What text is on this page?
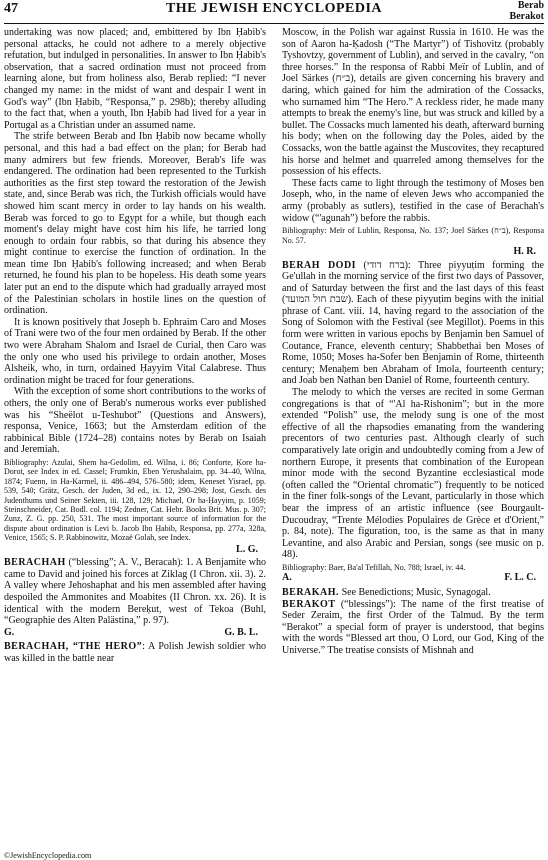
47	THE JEWISH ENCYCLOPEDIA	Berab
Berakot

undertaking was now placed; and, embittered by Ibn Ḥabib's personal attacks, he could not adhere to a merely objective refutation, but indulged in personalities. In answer to Ibn Ḥabib's observation, that a sacred ordination must not proceed from learning alone, but from holiness also, Berab replied: “I never changed my name: in the midst of want and despair I went in God's way” (Ibn Ḥabib, “Responsa,” p. 298b); thereby alluding to the fact that, when a youth, Ibn Ḥabib had lived for a year in Portugal as a Christian under an assumed name.

The strife between Berab and Ibn Ḥabib now became wholly personal, and this had a bad effect on the plan; for Berab had many admirers but few friends. Moreover, Berab's life was endangered. The ordination had been represented to the Turkish authorities as the first step toward the restoration of the Jewish state, and, since Berab was rich, the Turkish officials would have showed him scant mercy in order to lay hands on his wealth. Berab was forced to go to Egypt for a while, but though each moment's delay might have cost him his life, he tarried long enough to ordain four rabbis, so that during his absence they might continue to exercise the function of ordination. In the mean time Ibn Ḥabib's following increased; and when Berab returned, he found his plan to be hopeless. His death some years later put an end to the dispute which had gradually arrayed most of the Palestinian scholars in hostile lines on the question of ordination.

It is known positively that Joseph b. Ephraim Caro and Moses of Trani were two of the four men ordained by Berab. If the other two were Abraham Shalom and Israel de Curial, then Caro was the only one who used his privilege to ordain another, Moses Alsheik, who, in turn, ordained Ḥayyim Vital Calabrese. Thus ordination might be traced for four generations.

With the exception of some short contributions to the works of others, the only one of Berab's numerous works ever published was his “Sheëlot u-Teshubot” (Questions and Answers), responsa, Venice, 1663; but the Amsterdam edition of the rabbinical Bible (1724–28) contains notes by Berab on Isaiah and Jeremiah.

Bibliography: Azulai, Shem ha-Gedolim, ed. Wilna, i. 86; Conforte, Ḳore ha-Dorot, see Index in ed. Cassel; Frumkin, Eben Yerushalaim, pp. 34–40, Wilna, 1874; Fuenn, in Ha-Karmel, ii. 486–494, 576–580; idem, Keneset Yisrael, pp. 539, 540; Grätz, Gesch. der Juden, 3d ed., ix. 12, 290–298; Jost, Gesch. des Judenthums und Seiner Sekten, iii. 128, 129; Michael, Or ha-Ḥayyim, p. 1059; Steinschneider, Cat. Bodl. col. 1194; Zedner, Cat. Hebr. Books Brit. Mus. p. 307; Zunz, Z. G. pp. 250, 531. The most important source of information for the dispute about ordination is Levi b. Jacob Ibn Ḥabib, Responsa, pp. 277a, 328a, Venice, 1565; S. P. Rabbinowitz, Mozaë Golah, see Index.

L. G.

BERACHAH (“blessing”; A. V., Beracah): 1. A Benjamite who came to David and joined his forces at Ziklag (I Chron. xii. 3). 2. A valley where Jehoshaphat and his men assembled after having despoiled the Ammonites and Moabites (II Chron. xx. 26). It is identical with the modern Bereḳut, west of Tekoa (Buhl, “Geographie des Alten Palästina,” p. 97).

G.	G. B. L.

BERACHAH, “THE HERO”: A Polish Jewish soldier who was killed in the battle near

Moscow, in the Polish war against Russia in 1610. He was the son of Aaron ha-Ḳadosh (“The Martyr”) of Tishovitz (probably Tyshovtzy, government of Lublin), and served in the cavalry, “on three horses.” In the responsa of Rabbi Meïr of Lublin, and of Joel Särkes (ב״ח), details are given concerning his bravery and daring, which gained for him the admiration of the Cossacks, who surnamed him “The Hero.” A reckless rider, he made many attempts to break the enemy's line, but was struck and killed by a bullet. The Cossacks much lamented his death, afterward burning his body; when on the following day the Poles, aided by the Cossacks, won the battle against the Muscovites, they recaptured his horse and helmet and quarreled among themselves for the possession of his effects.

These facts came to light through the testimony of Moses ben Joseph, who, in the name of eleven Jews who accompanied the army (probably as sutlers), testified in the case of Berachah's widow (“'agunah”) before the rabbis.

Bibliography: Meïr of Lublin, Responsa, No. 137; Joel Särkes (ב״ח), Responsa No. 57.

H. R.

BERAH DODI (ברח דודי): Three piyyuṭim forming the Ge'ullah in the morning service of the first two days of Passover, and of Saturday between the first and the last days of this feast (שבת חול המועד). Each of these piyyuṭim begins with the initial phrase of Cant. viii. 14, having regard to the association of the Song of Solomon with the Festival (see Megillot). Poems in this form were written in various epochs by Benjamin ben Samuel of Coutance, France, eleventh century; Shabbethai ben Moses of Rome, 1050; Moses ha-Sofer ben Benjamin of Rome, thirteenth century; Menaḥem ben Abraham of Imola, fourteenth century; and Joab ben Nathan ben Daniel of Rome, fourteenth century.

The melody to which the verses are recited in some German congregations is that of “'Al ha-Rishonim”; but in the more extended “Polish” use, the melody sung is one of the most effective of all the rhapsodies emanating from the wandering precentors of two centuries past. Although clearly of such comparatively late origin and undoubtedly coming from a Jew of northern Europe, it presents that combination of the European minor mode with the second Byzantine ecclesiastical mode (often called the “Oriental chromatic”) frequently to be noticed in the finer folk-songs of the Levant, particularly in those which bear the impress of an artistic influence (see Bourgault-Ducoudray, “Trente Mélodies Populaires de Grèce et d'Orient,” p. 84, note). The figuration, too, is the same as that in many Levantine, and also Arabic and Persian, songs (see music on p. 48).

Bibliography: Baer, Ba'al Tefillah, No. 788; Israel, iv. 44.

A.	F. L. C.

BERAKAH. See Benedictions; Music, Synagogal.

BERAKOT (“blessings”): The name of the first treatise of Seder Zeraim, the first Order of the Talmud. By the term “Berakot” a special form of prayer is understood, that begins with the words “Blessed art thou, O Lord, our God, King of the Universe.” The treatise consists of Mishnah and

©JewishEncyclopedia.com
